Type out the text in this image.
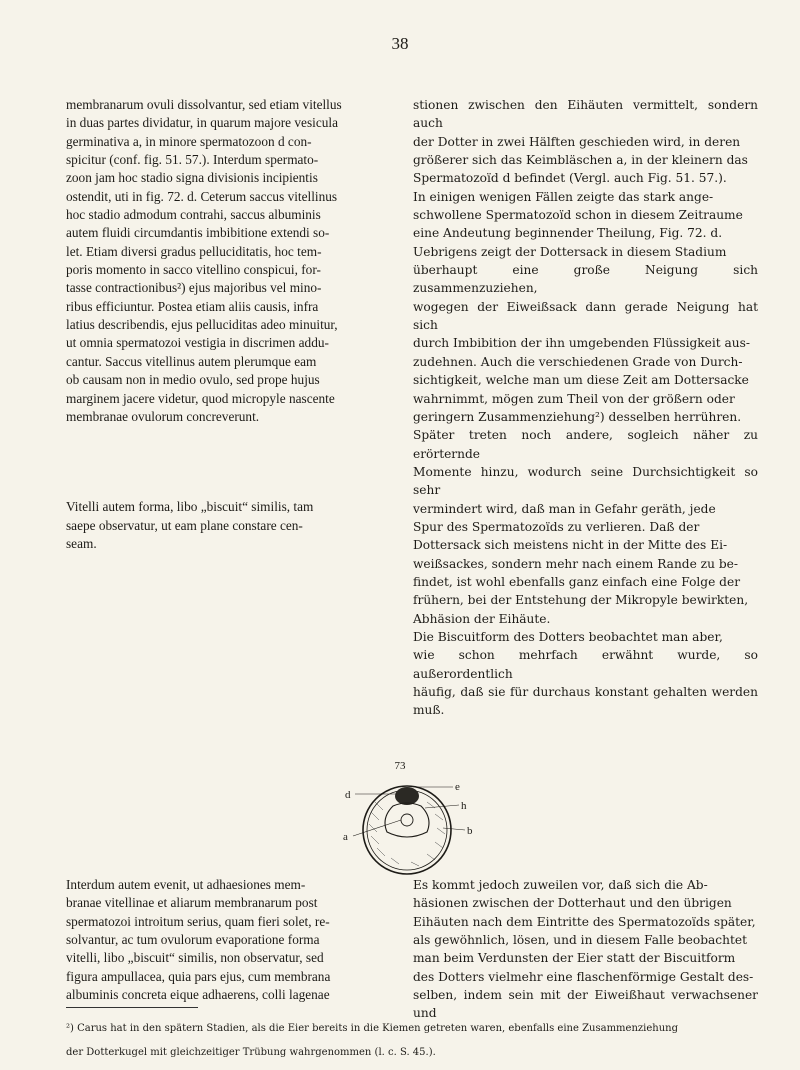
38

membranarum ovuli dissolvantur, sed etiam vitellus

in duas partes dividatur, in quarum majore vesicula

germinativa a, in minore spermatozoon d con-

spicitur (conf. fig. 51. 57.). Interdum spermato-

zoon jam hoc stadio signa divisionis incipientis

ostendit, uti in fig. 72. d. Ceterum saccus vitellinus

hoc stadio admodum contrahi, saccus albuminis

autem fluidi circumdantis imbibitione extendi so-

let. Etiam diversi gradus pelluciditatis, hoc tem-

poris momento in sacco vitellino conspicui, for-

tasse contractionibus²) ejus majoribus vel mino-

ribus efficiuntur. Postea etiam aliis causis, infra

latius describendis, ejus pelluciditas adeo minuitur,

ut omnia spermatozoi vestigia in discrimen addu-

cantur. Saccus vitellinus autem plerumque eam

ob causam non in medio ovulo, sed prope hujus

marginem jacere videtur, quod micropyle nascente

membranae ovulorum concreverunt.

Vitelli autem forma, libo „biscuit“ similis, tam

saepe observatur, ut eam plane constare cen-

seam.

stionen zwischen den Eihäuten vermittelt, sondern auch

der Dotter in zwei Hälften geschieden wird, in deren

größerer sich das Keimbläschen a, in der kleinern das

Spermatozoïd d befindet (Vergl. auch Fig. 51. 57.).

In einigen wenigen Fällen zeigte das stark ange-

schwollene Spermatozoïd schon in diesem Zeitraume

eine Andeutung beginnender Theilung, Fig. 72. d.

Uebrigens zeigt der Dottersack in diesem Stadium

überhaupt eine große Neigung sich zusammenzuziehen,

wogegen der Eiweißsack dann gerade Neigung hat sich

durch Imbibition der ihn umgebenden Flüssigkeit aus-

zudehnen. Auch die verschiedenen Grade von Durch-

sichtigkeit, welche man um diese Zeit am Dottersacke

wahrnimmt, mögen zum Theil von der größern oder

geringern Zusammenziehung²) desselben herrühren.

Später treten noch andere, sogleich näher zu erörternde

Momente hinzu, wodurch seine Durchsichtigkeit so sehr

vermindert wird, daß man in Gefahr geräth, jede

Spur des Spermatozoïds zu verlieren. Daß der

Dottersack sich meistens nicht in der Mitte des Ei-

weißsackes, sondern mehr nach einem Rande zu be-

findet, ist wohl ebenfalls ganz einfach eine Folge der

frühern, bei der Entstehung der Mikropyle bewirkten,

Abhäsion der Eihäute.

Die Biscuitform des Dotters beobachtet man aber,

wie schon mehrfach erwähnt wurde, so außerordentlich

häufig, daß sie für durchaus konstant gehalten werden muß.

73
d
e
h
a	b

Interdum autem evenit, ut adhaesiones mem-

branae vitellinae et aliarum membranarum post

spermatozoi introitum serius, quam fieri solet, re-

solvantur, ac tum ovulorum evaporatione forma

vitelli, libo „biscuit“ similis, non observatur, sed

figura ampullacea, quia pars ejus, cum membrana

albuminis concreta eique adhaerens, colli lagenae

Es kommt jedoch zuweilen vor, daß sich die Ab-

häsionen zwischen der Dotterhaut und den übrigen

Eihäuten nach dem Eintritte des Spermatozoïds später,

als gewöhnlich, lösen, und in diesem Falle beobachtet

man beim Verdunsten der Eier statt der Biscuitform

des Dotters vielmehr eine flaschenförmige Gestalt des-

selben, indem sein mit der Eiweißhaut verwachsener und

²) Carus hat in den spätern Stadien, als die Eier bereits in die Kiemen getreten waren, ebenfalls eine Zusammenziehung

der Dotterkugel mit gleichzeitiger Trübung wahrgenommen (l. c. S. 45.).
